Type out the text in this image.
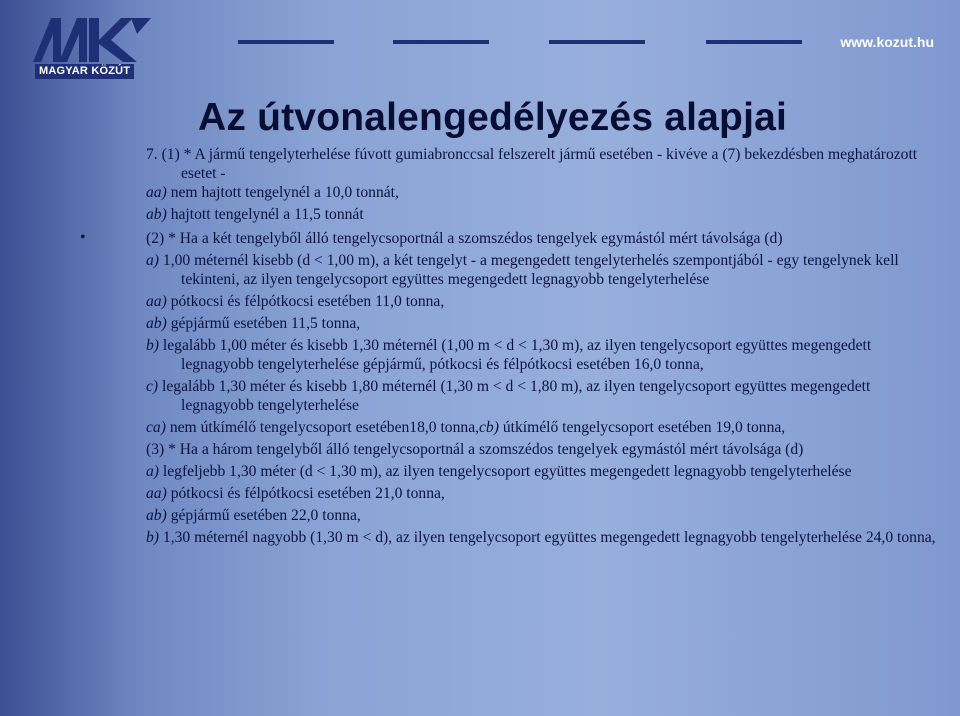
MAGYAR KÖZÚT
www.kozut.hu
Az útvonalengedélyezés alapjai

7. (1) * A jármű tengelyterhelése fúvott gumiabronccsal felszerelt jármű esetében - kivéve a (7) bekezdésben meghatározott esetet -

aa) nem hajtott tengelynél a 10,0 tonnát,

ab) hajtott tengelynél a 11,5 tonnát

•	(2) * Ha a két tengelyből álló tengelycsoportnál a szomszédos tengelyek egymástól mért távolsága (d)

a) 1,00 méternél kisebb (d < 1,00 m), a két tengelyt - a megengedett tengelyterhelés szempontjából - egy tengelynek kell tekinteni, az ilyen tengelycsoport együttes megengedett legnagyobb tengelyterhelése

aa) pótkocsi és félpótkocsi esetében 11,0 tonna,

ab) gépjármű esetében 11,5 tonna,

b) legalább 1,00 méter és kisebb 1,30 méternél (1,00 m < d < 1,30 m), az ilyen tengelycsoport együttes megengedett legnagyobb tengelyterhelése gépjármű, pótkocsi és félpótkocsi esetében 16,0 tonna,

c) legalább 1,30 méter és kisebb 1,80 méternél (1,30 m < d < 1,80 m), az ilyen tengelycsoport együttes megengedett legnagyobb tengelyterhelése

ca) nem útkímélő tengelycsoport esetében18,0 tonna,cb) útkímélő tengelycsoport esetében 19,0 tonna,

(3) * Ha a három tengelyből álló tengelycsoportnál a szomszédos tengelyek egymástól mért távolsága (d)

a) legfeljebb 1,30 méter (d < 1,30 m), az ilyen tengelycsoport együttes megengedett legnagyobb tengelyterhelése

aa) pótkocsi és félpótkocsi esetében 21,0 tonna,

ab) gépjármű esetében 22,0 tonna,

b) 1,30 méternél nagyobb (1,30 m < d), az ilyen tengelycsoport együttes megengedett legnagyobb tengelyterhelése 24,0 tonna,
